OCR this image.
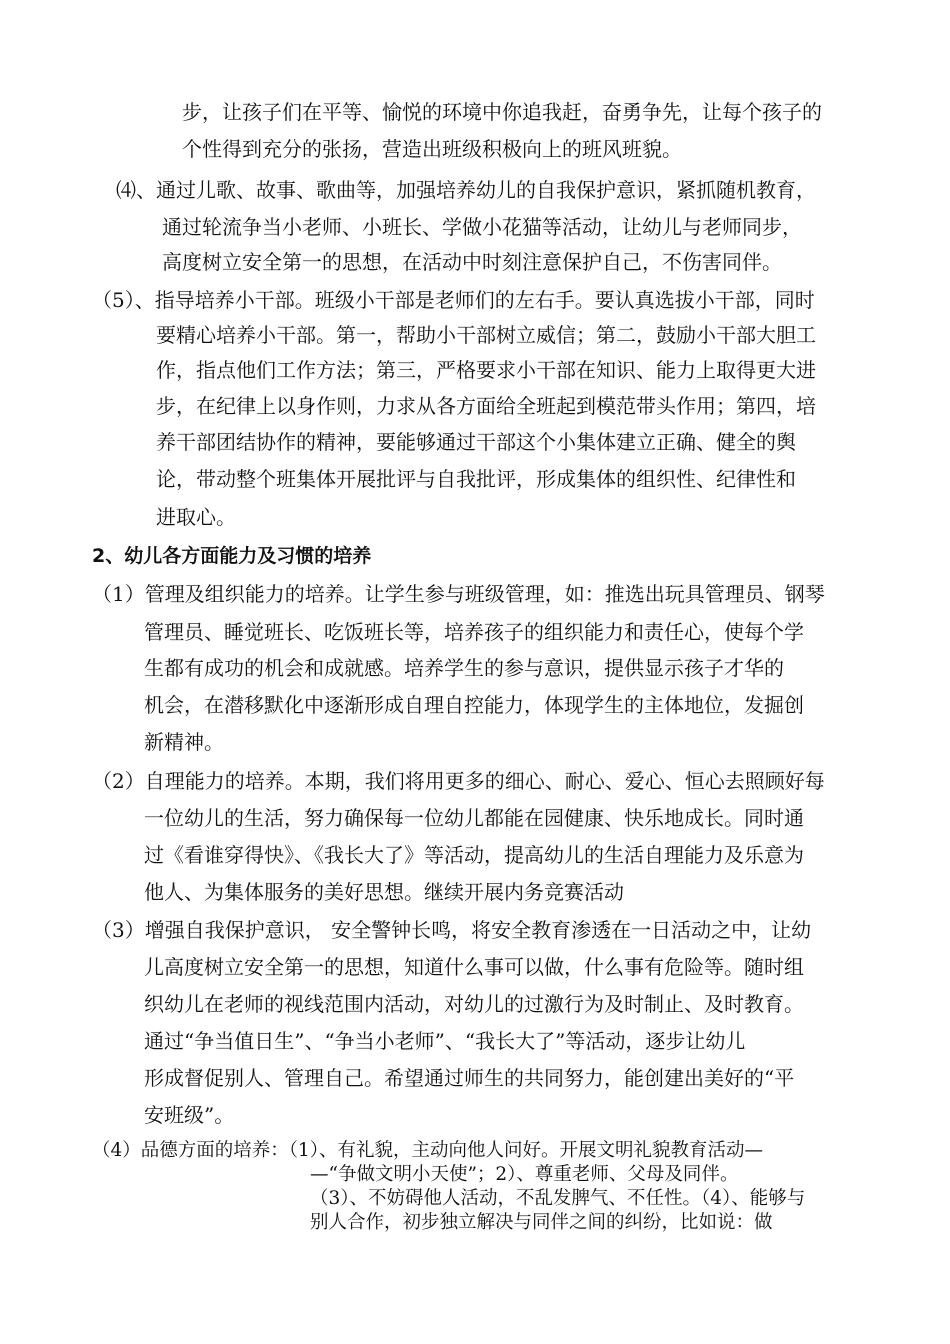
步，让孩子们在平等、愉悦的环境中你追我赶，奋勇争先，让每个孩子的
个性得到充分的张扬，营造出班级积极向上的班风班貌。
⑷、通过儿歌、故事、歌曲等，加强培养幼儿的自我保护意识，紧抓随机教育，
通过轮流争当小老师、小班长、学做小花猫等活动，让幼儿与老师同步，
高度树立安全第一的思想，在活动中时刻注意保护自己，不伤害同伴。
（5）、指导培养小干部。班级小干部是老师们的左右手。要认真选拔小干部，同时
要精心培养小干部。第一，帮助小干部树立威信；第二，鼓励小干部大胆工
作，指点他们工作方法；第三，严格要求小干部在知识、能力上取得更大进
步，在纪律上以身作则，力求从各方面给全班起到模范带头作用；第四，培
养干部团结协作的精神，要能够通过干部这个小集体建立正确、健全的舆
论，带动整个班集体开展批评与自我批评，形成集体的组织性、纪律性和
进取心。
2、幼儿各方面能力及习惯的培养
（1）管理及组织能力的培养。让学生参与班级管理，如：推选出玩具管理员、钢琴
管理员、睡觉班长、吃饭班长等，培养孩子的组织能力和责任心，使每个学
生都有成功的机会和成就感。培养学生的参与意识，提供显示孩子才华的
机会，在潜移默化中逐渐形成自理自控能力，体现学生的主体地位，发掘创
新精神。
（2）自理能力的培养。本期，我们将用更多的细心、耐心、爱心、恒心去照顾好每
一位幼儿的生活，努力确保每一位幼儿都能在园健康、快乐地成长。同时通
过《看谁穿得快》、《我长大了》等活动，提高幼儿的生活自理能力及乐意为
他人、为集体服务的美好思想。继续开展内务竞赛活动
（3）增强自我保护意识， 安全警钟长鸣，将安全教育渗透在一日活动之中，让幼
儿高度树立安全第一的思想，知道什么事可以做，什么事有危险等。随时组
织幼儿在老师的视线范围内活动，对幼儿的过激行为及时制止、及时教育。
通过“争当值日生”、“争当小老师”、“我长大了”等活动，逐步让幼儿
形成督促别人、管理自己。希望通过师生的共同努力，能创建出美好的“平
安班级”。
（4）品德方面的培养：（1）、有礼貌，主动向他人问好。开展文明礼貌教育活动—
—“争做文明小天使”；2）、尊重老师、父母及同伴。
（3）、不妨碍他人活动，不乱发脾气、不任性。（4）、能够与
别人合作，初步独立解决与同伴之间的纠纷，比如说：做
